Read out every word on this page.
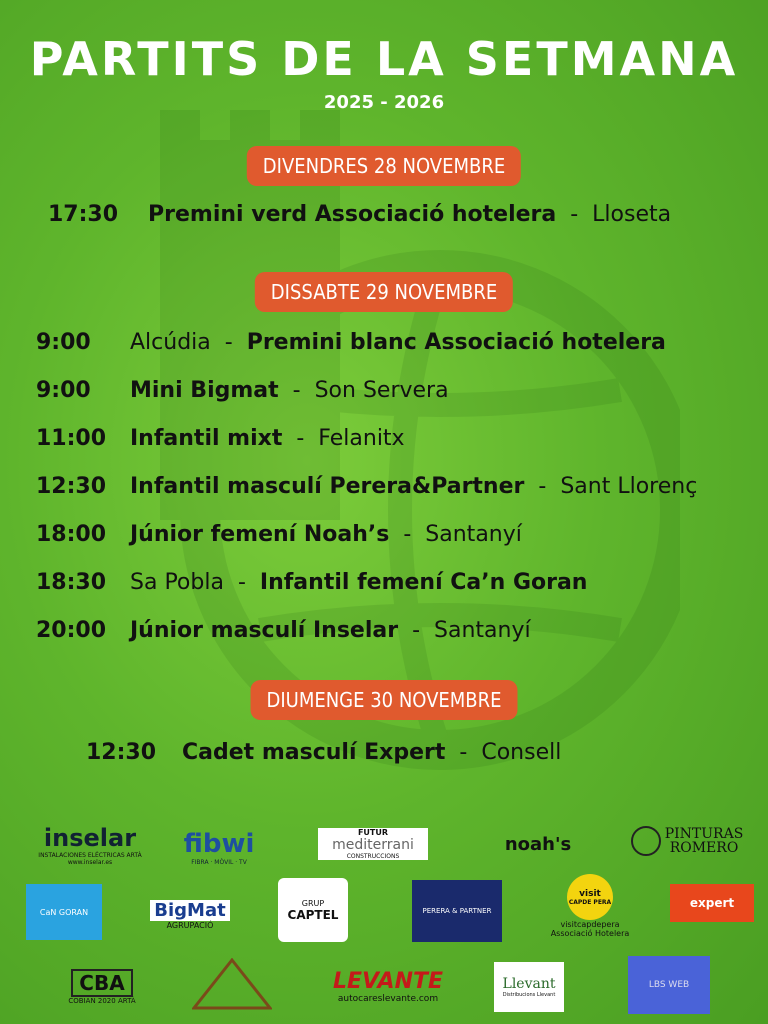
PARTITS DE LA SETMANA
2025 - 2026
DIVENDRES 28 NOVEMBRE
17:30 Premini verd Associació hotelera  -  Lloseta
DISSABTE 29 NOVEMBRE
9:00 Alcúdia  -  Premini blanc Associació hotelera
9:00 Mini Bigmat  -  Son Servera
11:00 Infantil mixt  -  Felanitx
12:30 Infantil masculí Perera&Partner  -  Sant Llorenç
18:00 Júnior femení Noah’s  -  Santanyí
18:30 Sa Pobla  -  Infantil femení Ca’n Goran
20:00 Júnior masculí Inselar  -  Santanyí
DIUMENGE 30 NOVEMBRE
12:30 Cadet masculí Expert  -  Consell
inselar
INSTALACIONES ELÉCTRICAS ARTÀ
www.inselar.es
fibwi
FIBRA · MÒVIL · TV
FUTUR
mediterrani
CONSTRUCCIONS
noah's	PINTURAS
ROMERO
CaN GORAN	BigMat
AGRUPACIÓ
GRUP
CAPTEL	PERERA & PARTNER
visit
CAPDE PERA
visitcapdepera
Associació Hotelera
expert
CBA
COBIAN 2020 ARTÀ
LEVANTE
autocareslevante.com
Llevant
Distribucions Llevant
LBS WEB
